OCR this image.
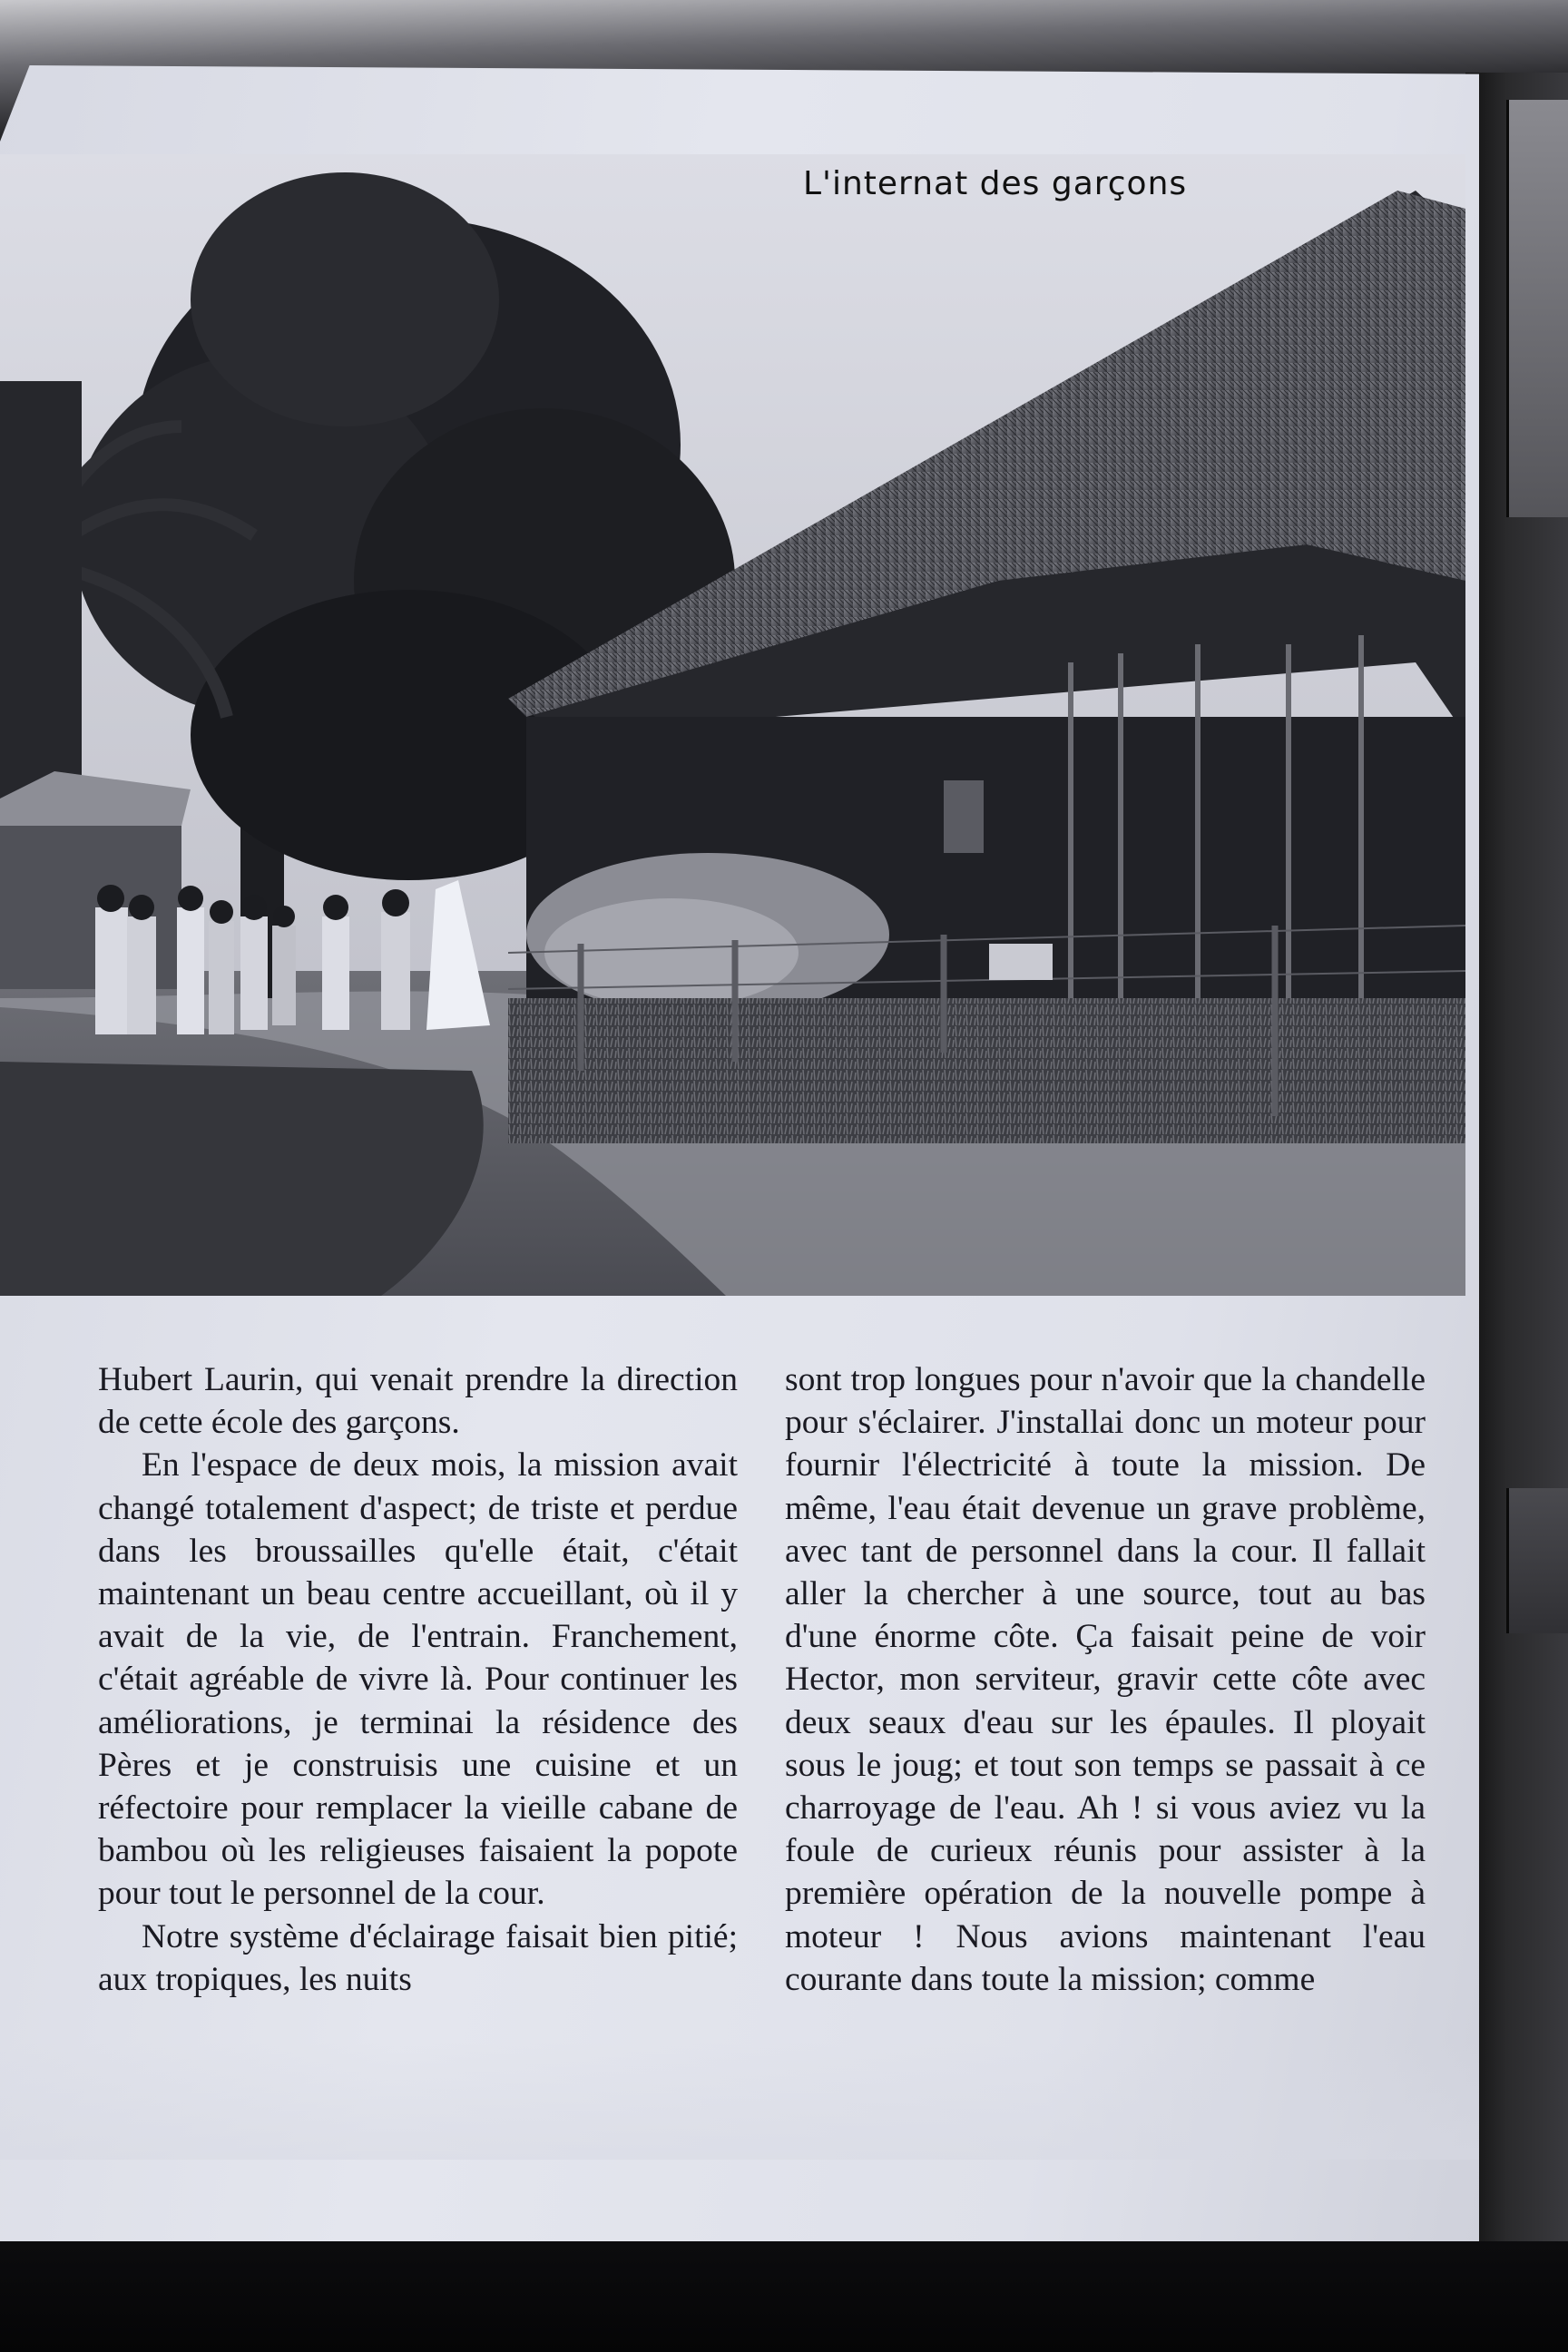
L'internat des garçons

Hubert Laurin, qui venait prendre la direction de cette école des garçons.

En l'espace de deux mois, la mission avait changé totalement d'aspect; de triste et perdue dans les broussailles qu'elle était, c'était maintenant un beau centre accueillant, où il y avait de la vie, de l'entrain. Franchement, c'était agréable de vivre là. Pour continuer les améliorations, je terminai la résidence des Pères et je construisis une cuisine et un réfectoire pour remplacer la vieille cabane de bambou où les religieuses faisaient la popote pour tout le personnel de la cour.

Notre système d'éclairage faisait bien pitié; aux tropiques, les nuits

sont trop longues pour n'avoir que la chandelle pour s'éclairer. J'installai donc un moteur pour fournir l'électricité à toute la mission. De même, l'eau était devenue un grave problème, avec tant de personnel dans la cour. Il fallait aller la chercher à une source, tout au bas d'une énorme côte. Ça faisait peine de voir Hector, mon serviteur, gravir cette côte avec deux seaux d'eau sur les épaules. Il ployait sous le joug; et tout son temps se passait à ce charroyage de l'eau. Ah ! si vous aviez vu la foule de curieux réunis pour assister à la première opération de la nouvelle pompe à moteur ! Nous avions maintenant l'eau courante dans toute la mission; comme
